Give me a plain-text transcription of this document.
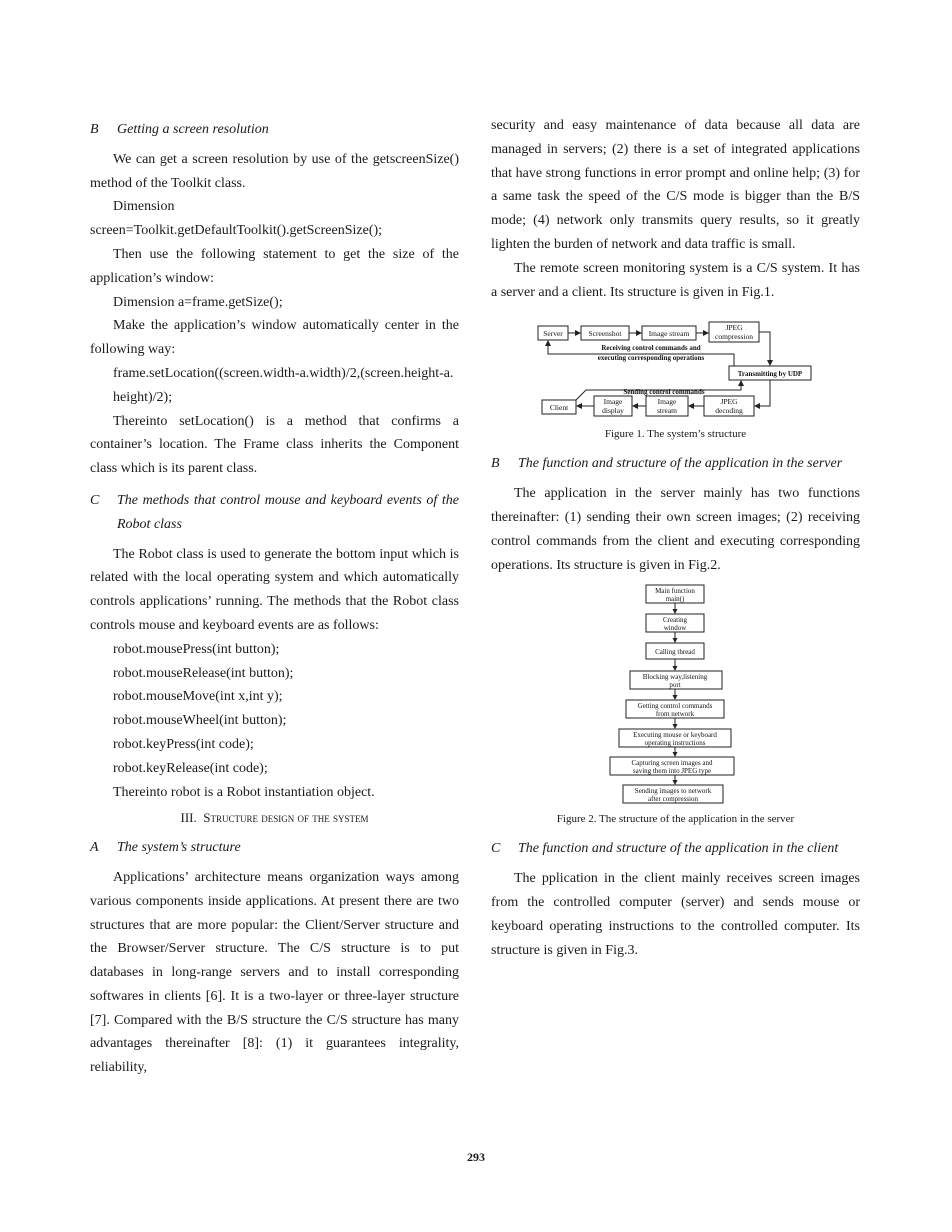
B Getting a screen resolution

We can get a screen resolution by use of the getscreenSize() method of the Toolkit class.

Dimension

screen=Toolkit.getDefaultToolkit().getScreenSize();

Then use the following statement to get the size of the application’s window:

Dimension a=frame.getSize();

Make the application’s window automatically center in the following way:

frame.setLocation((screen.width-a.width)/2,(screen.height-a.height)/2);

Thereinto setLocation() is a method that confirms a container’s location. The Frame class inherits the Component class which is its parent class.

C The methods that control mouse and keyboard events of the Robot class

The Robot class is used to generate the bottom input which is related with the local operating system and which automatically controls applications’ running. The methods that the Robot class controls mouse and keyboard events are as follows:

robot.mousePress(int button);

robot.mouseRelease(int button);

robot.mouseMove(int x,int y);

robot.mouseWheel(int button);

robot.keyPress(int code);

robot.keyRelease(int code);

Thereinto robot is a Robot instantiation object.

III. Structure design of the system

A The system’s structure

Applications’ architecture means organization ways among various components inside applications. At present there are two structures that are more popular: the Client/Server structure and the Browser/Server structure. The C/S structure is to put databases in long-range servers and to install corresponding softwares in clients [6]. It is a two-layer or three-layer structure [7]. Compared with the B/S structure the C/S structure has many advantages thereinafter [8]: (1) it guarantees integrality, reliability,

security and easy maintenance of data because all data are managed in servers; (2) there is a set of integrated applications that have strong functions in error prompt and online help; (3) for a same task the speed of the C/S mode is bigger than the B/S mode; (4) network only transmits query results, so it greatly lighten the burden of network and data traffic is small.

The remote screen monitoring system is a C/S system. It has a server and a client. Its structure is given in Fig.1.

Server	Screenshot	Image stream
JPEG
compression
Receiving control commands and
executing corresponding operations
Transmitting by UDP
Sending control commands
Client
Image
display
Image
stream
JPEG
decoding

Figure 1. The system’s structure

B The function and structure of the application in the server

The application in the server mainly has two functions thereinafter: (1) sending their own screen images; (2) receiving control commands from the client and executing corresponding operations. Its structure is given in Fig.2.

Main function
main()
Creating
window
Calling thread
Blocking way,listening
port
Getting control commands
from network
Executing mouse or keyboard
operating instructions
Capturing screen images and
saving them into JPEG type
Sending images to network
after compression

Figure 2. The structure of the application in the server

C The function and structure of the application in the client

The pplication in the client mainly receives screen images from the controlled computer (server) and sends mouse or keyboard operating instructions to the controlled computer. Its structure is given in Fig.3.

293
